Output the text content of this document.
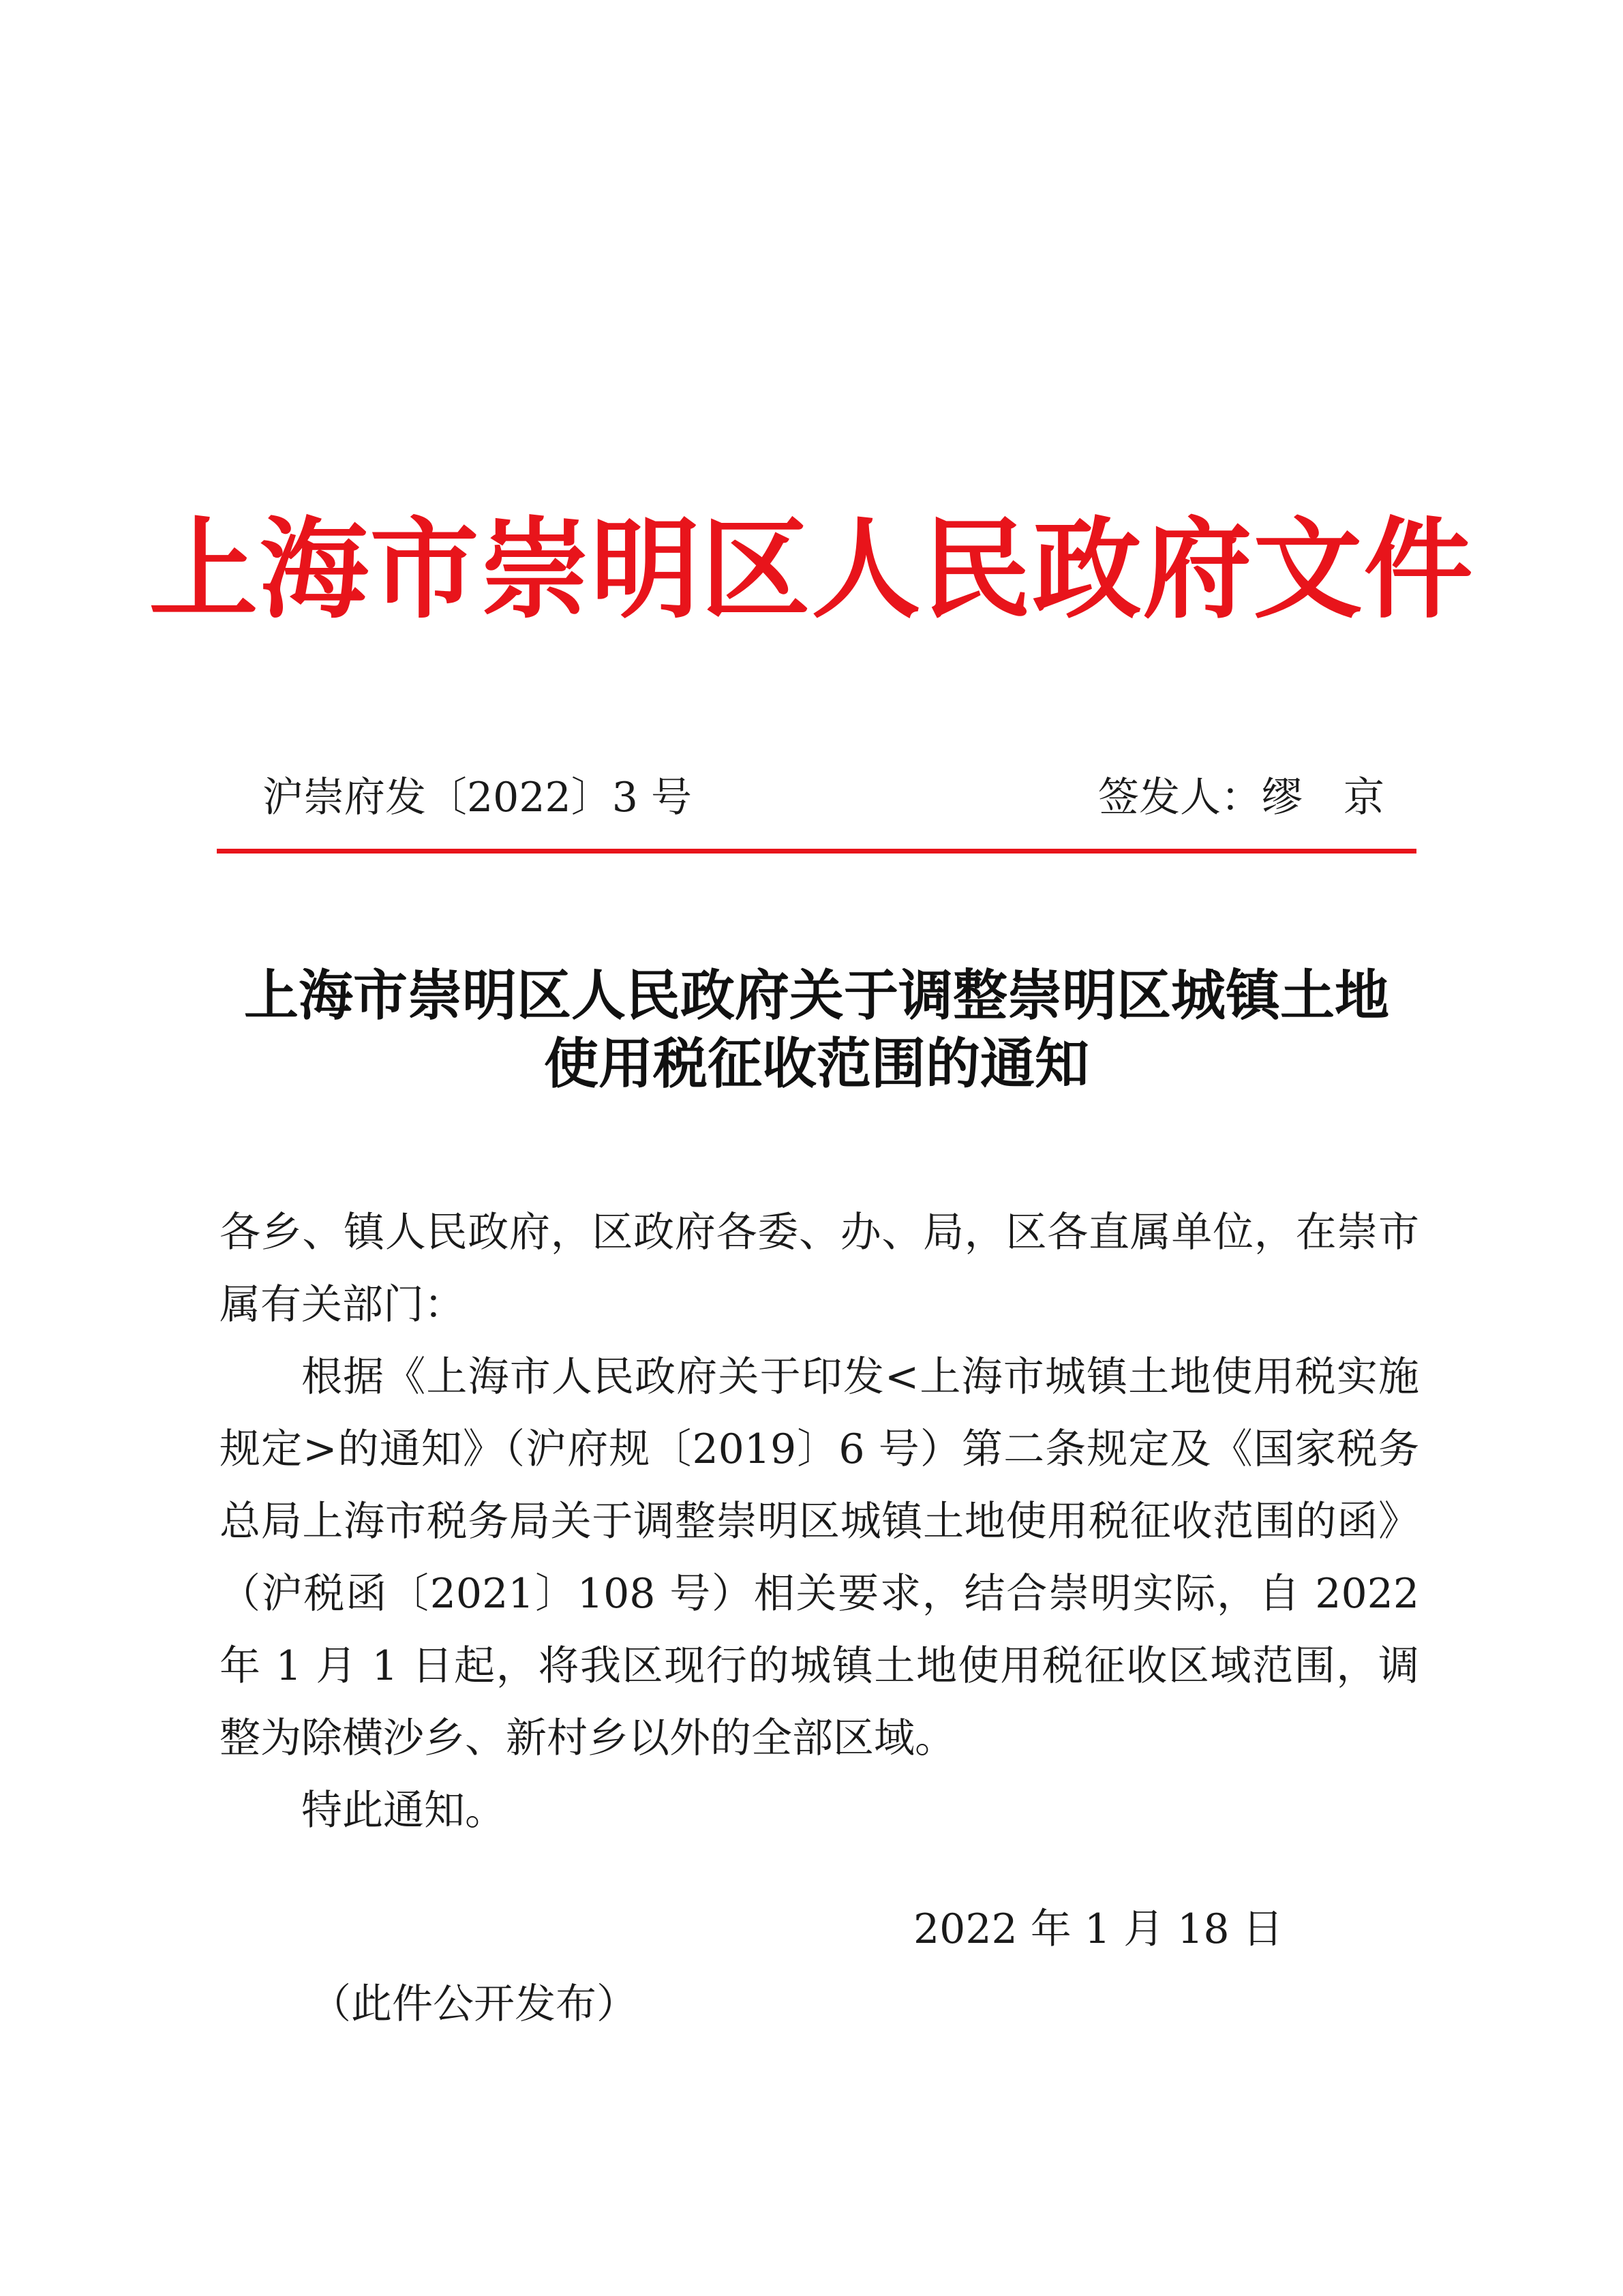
上海市崇明区人民政府文件
沪崇府发〔2022〕3 号	签发人：缪京
上海市崇明区人民政府关于调整崇明区城镇土地
使用税征收范围的通知

各乡、镇人民政府，区政府各委、办、局，区各直属单位，在崇市属有关部门：

根据《上海市人民政府关于印发<上海市城镇土地使用税实施规定>的通知》（沪府规〔2019〕6 号）第二条规定及《国家税务总局上海市税务局关于调整崇明区城镇土地使用税征收范围的函》（沪税函〔2021〕108 号）相关要求，结合崇明实际，自 2022 年 1 月 1 日起，将我区现行的城镇土地使用税征收区域范围，调整为除横沙乡、新村乡以外的全部区域。

特此通知。

2022 年 1 月 18 日
（此件公开发布）
